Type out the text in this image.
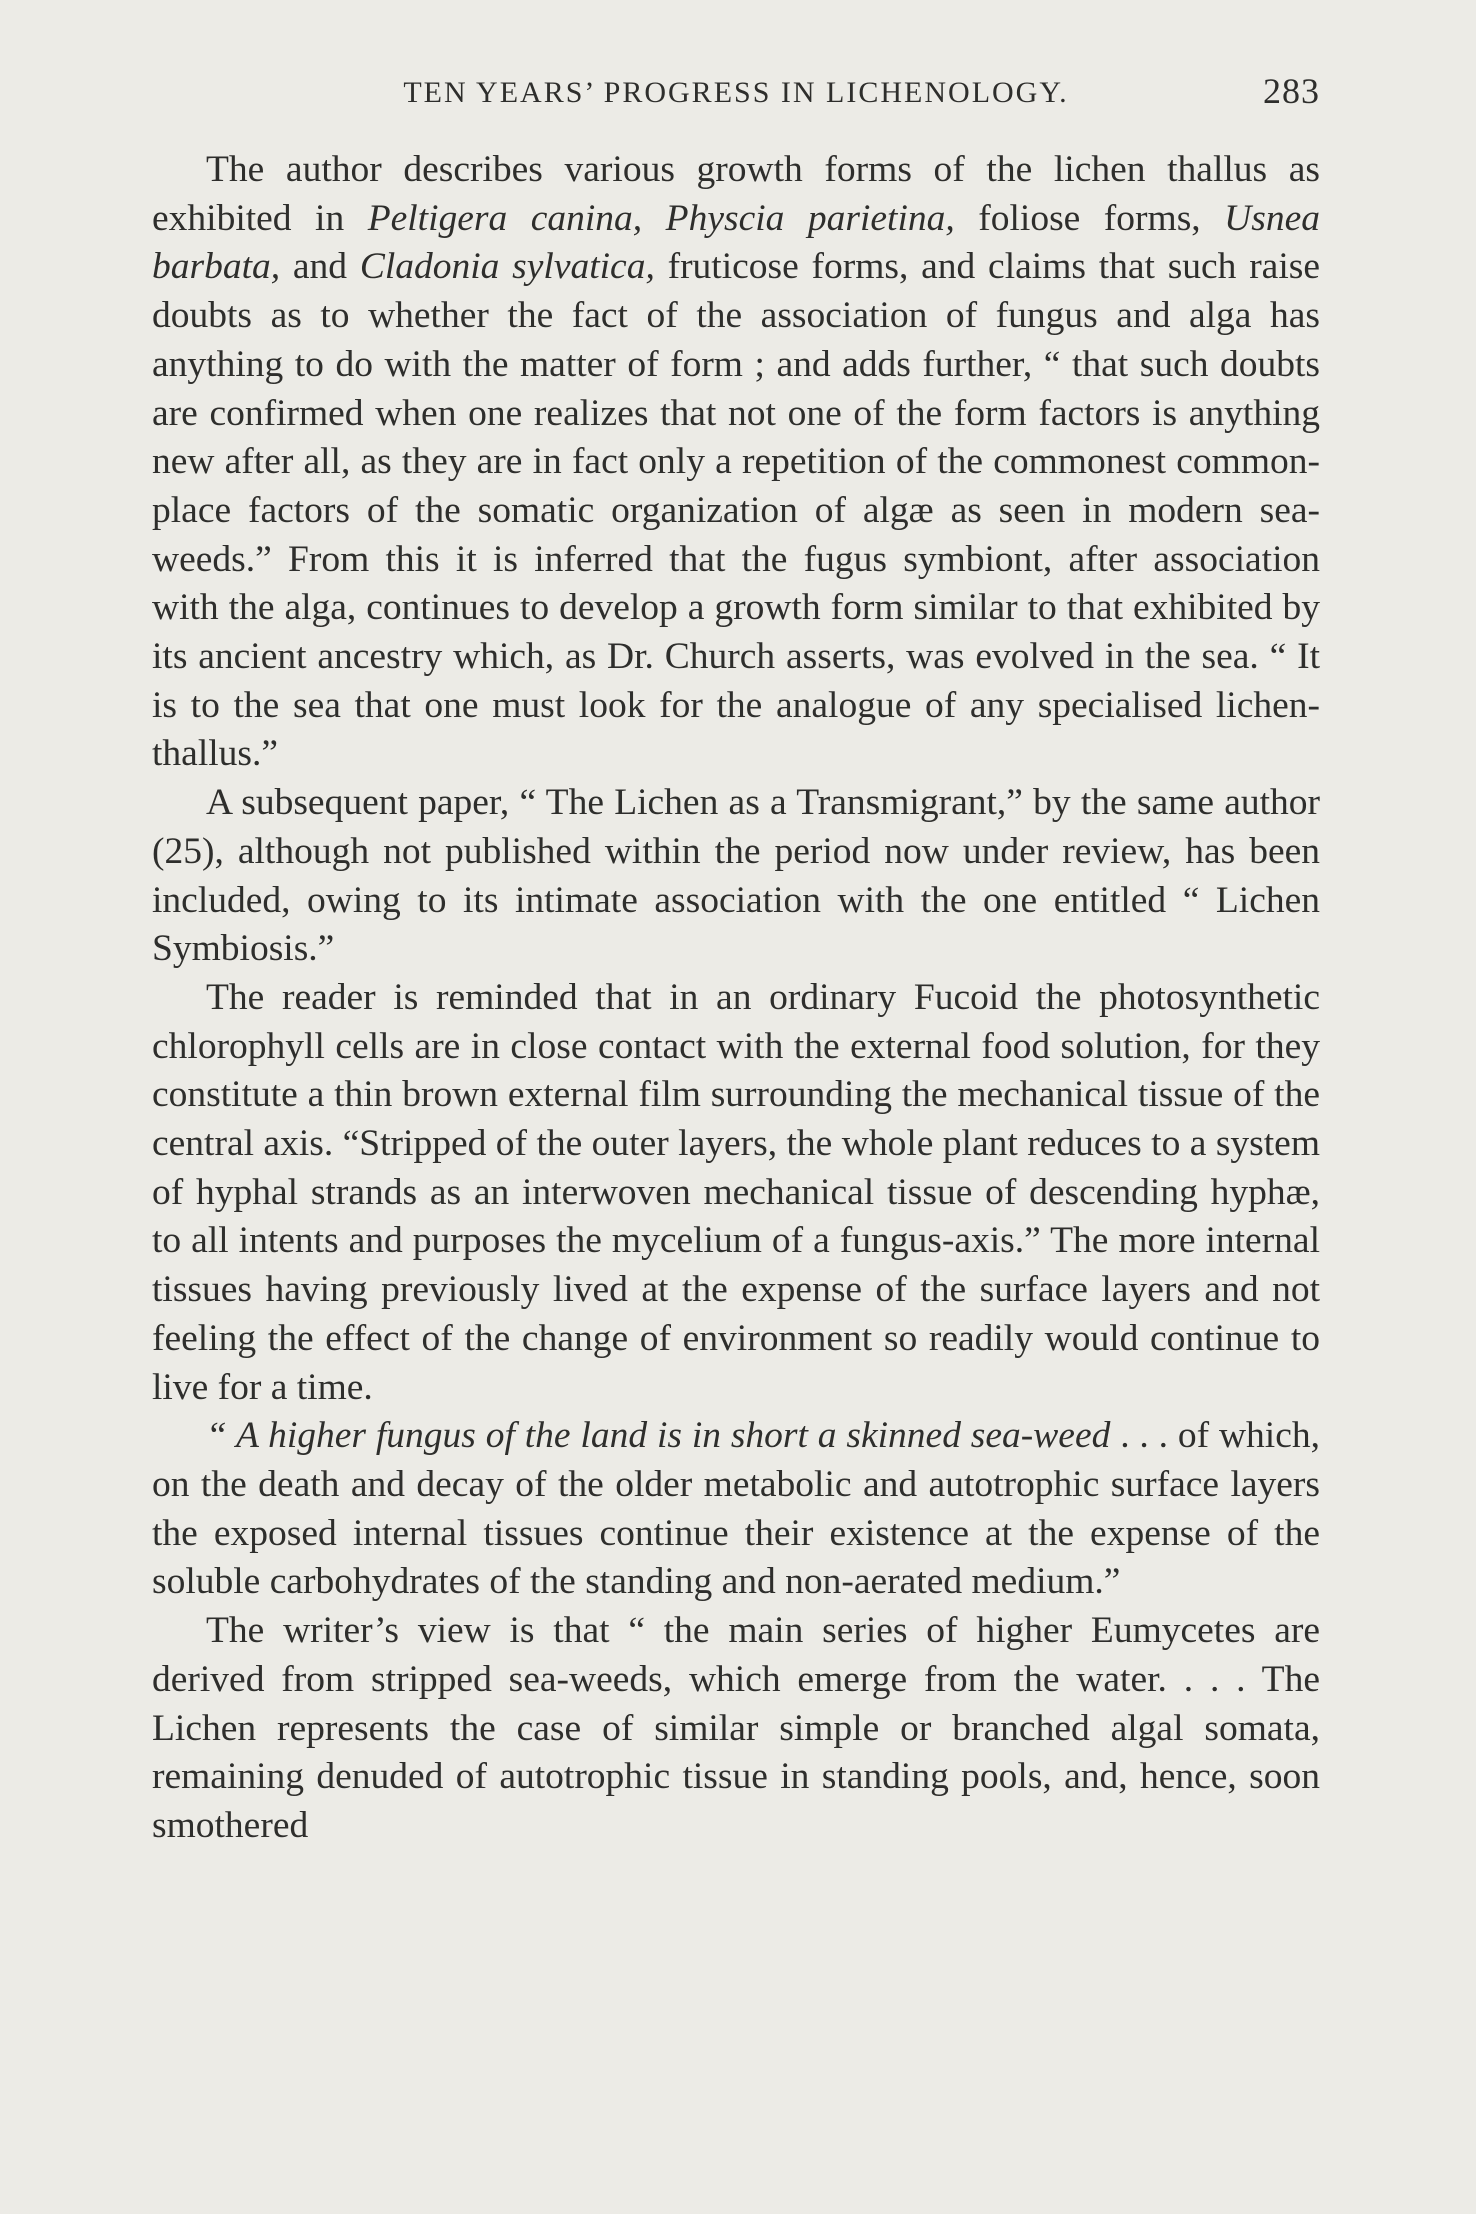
TEN YEARS’ PROGRESS IN LICHENOLOGY.	283

The author describes various growth forms of the lichen thallus as exhibited in Peltigera canina, Physcia parietina, foliose forms, Usnea barbata, and Cladonia sylvatica, fruticose forms, and claims that such raise doubts as to whether the fact of the association of fungus and alga has anything to do with the matter of form ; and adds further, “ that such doubts are confirmed when one realizes that not one of the form factors is anything new after all, as they are in fact only a repetition of the commonest common-place factors of the somatic organization of algæ as seen in modern sea-weeds.” From this it is inferred that the fugus symbiont, after association with the alga, continues to develop a growth form similar to that exhibited by its ancient ancestry which, as Dr. Church asserts, was evolved in the sea. “ It is to the sea that one must look for the analogue of any specialised lichen-thallus.”

A subsequent paper, “ The Lichen as a Transmigrant,” by the same author (25), although not published within the period now under review, has been included, owing to its intimate association with the one entitled “ Lichen Symbiosis.”

The reader is reminded that in an ordinary Fucoid the photosynthetic chlorophyll cells are in close contact with the external food solution, for they constitute a thin brown external film surrounding the mechanical tissue of the central axis. “Stripped of the outer layers, the whole plant reduces to a system of hyphal strands as an interwoven mechanical tissue of descending hyphæ, to all intents and purposes the mycelium of a fungus-axis.” The more internal tissues having previously lived at the expense of the surface layers and not feeling the effect of the change of environment so readily would continue to live for a time.

“ A higher fungus of the land is in short a skinned sea-weed . . . of which, on the death and decay of the older metabolic and autotrophic surface layers the exposed internal tissues continue their existence at the expense of the soluble carbohydrates of the standing and non-aerated medium.”

The writer’s view is that “ the main series of higher Eumycetes are derived from stripped sea-weeds, which emerge from the water. . . . The Lichen represents the case of similar simple or branched algal somata, remaining denuded of autotrophic tissue in standing pools, and, hence, soon smothered
